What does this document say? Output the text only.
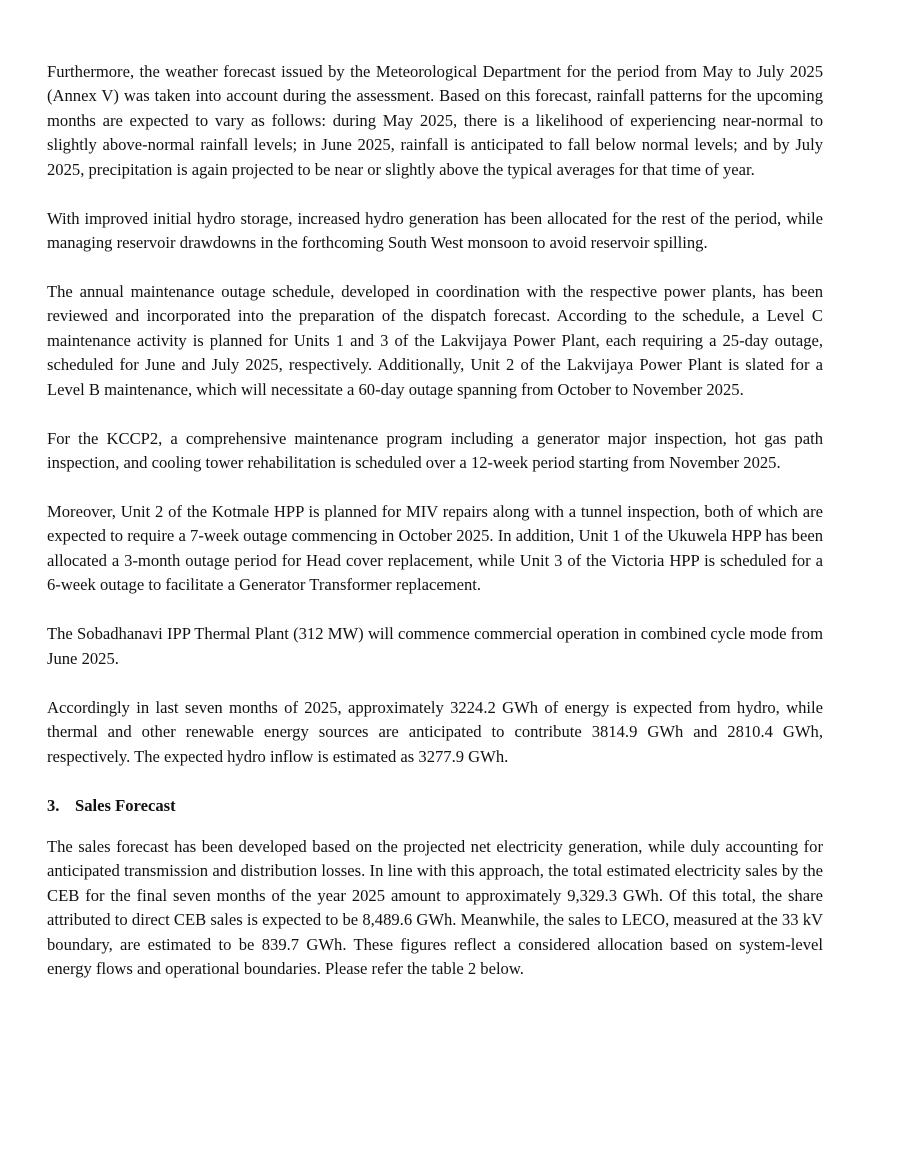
Furthermore, the weather forecast issued by the Meteorological Department for the period from May to July 2025 (Annex V) was taken into account during the assessment. Based on this forecast, rainfall patterns for the upcoming months are expected to vary as follows: during May 2025, there is a likelihood of experiencing near-normal to slightly above-normal rainfall levels; in June 2025, rainfall is anticipated to fall below normal levels; and by July 2025, precipitation is again projected to be near or slightly above the typical averages for that time of year.

With improved initial hydro storage, increased hydro generation has been allocated for the rest of the period, while managing reservoir drawdowns in the forthcoming South West monsoon to avoid reservoir spilling.

The annual maintenance outage schedule, developed in coordination with the respective power plants, has been reviewed and incorporated into the preparation of the dispatch forecast. According to the schedule, a Level C maintenance activity is planned for Units 1 and 3 of the Lakvijaya Power Plant, each requiring a 25-day outage, scheduled for June and July 2025, respectively. Additionally, Unit 2 of the Lakvijaya Power Plant is slated for a Level B maintenance, which will necessitate a 60-day outage spanning from October to November 2025.

For the KCCP2, a comprehensive maintenance program including a generator major inspection, hot gas path inspection, and cooling tower rehabilitation is scheduled over a 12-week period starting from November 2025.

Moreover, Unit 2 of the Kotmale HPP is planned for MIV repairs along with a tunnel inspection, both of which are expected to require a 7-week outage commencing in October 2025. In addition, Unit 1 of the Ukuwela HPP has been allocated a 3-month outage period for Head cover replacement, while Unit 3 of the Victoria HPP is scheduled for a 6-week outage to facilitate a Generator Transformer replacement.

The Sobadhanavi IPP Thermal Plant (312 MW) will commence commercial operation in combined cycle mode from June 2025.

Accordingly in last seven months of 2025, approximately 3224.2 GWh of energy is expected from hydro, while thermal and other renewable energy sources are anticipated to contribute 3814.9 GWh and 2810.4 GWh, respectively. The expected hydro inflow is estimated as 3277.9 GWh.

3. Sales Forecast

The sales forecast has been developed based on the projected net electricity generation, while duly accounting for anticipated transmission and distribution losses. In line with this approach, the total estimated electricity sales by the CEB for the final seven months of the year 2025 amount to approximately 9,329.3 GWh. Of this total, the share attributed to direct CEB sales is expected to be 8,489.6 GWh. Meanwhile, the sales to LECO, measured at the 33 kV boundary, are estimated to be 839.7 GWh. These figures reflect a considered allocation based on system-level energy flows and operational boundaries. Please refer the table 2 below.
